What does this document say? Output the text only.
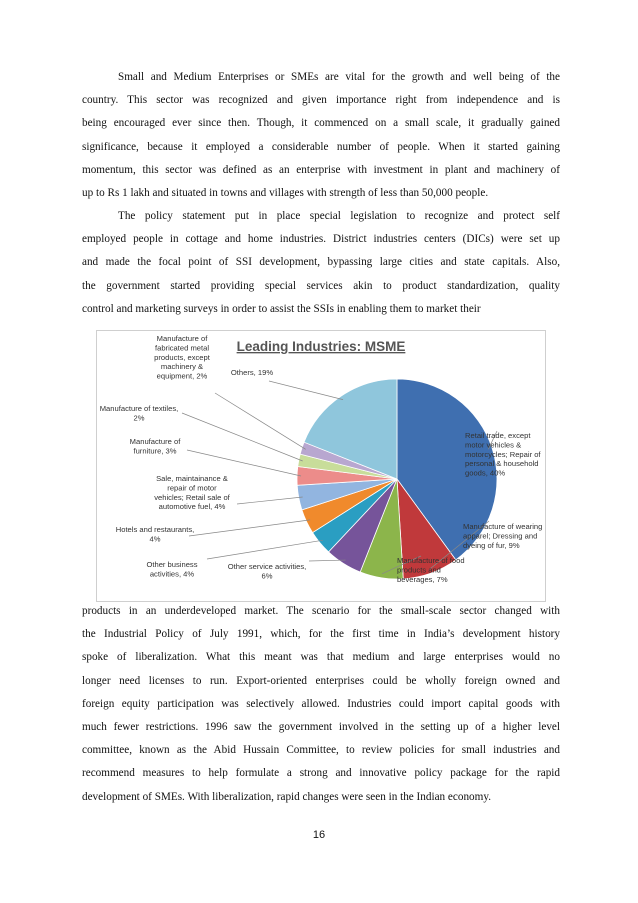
Small and Medium Enterprises or SMEs are vital for the growth and well being of the
country. This sector was recognized and given importance right from independence and is
being encouraged ever since then. Though, it commenced on a small scale, it gradually gained
significance, because it employed a considerable number of people. When it started gaining
momentum, this sector was defined as an enterprise with investment in plant and machinery of
up to Rs 1 lakh and situated in towns and villages with strength of less than 50,000 people.
The policy statement put in place special legislation to recognize and protect self
employed people in cottage and home industries. District industries centers (DICs) were set up
and made the focal point of SSI development, bypassing large cities and state capitals. Also,
the government started providing special services akin to product standardization, quality
control and marketing surveys in order to assist the SSIs in enabling them to market their
Leading Industries: MSME
Retail trade, except motor vehicles & motorcycles; Repair of personal & household goods, 40%
Manufacture of wearing apparel; Dressing and dyeing of fur, 9%
Manufacture of food products and beverages, 7%
Other service activities, 6%
Other business activities, 4%
Hotels and restaurants, 4%
Sale, maintainance & repair of motor vehicles; Retail sale of automotive fuel, 4%
Manufacture of furniture, 3%
Manufacture of textiles, 2%
Manufacture of fabricated metal products, except machinery & equipment, 2%	Others, 19%
products in an underdeveloped market. The scenario for the small-scale sector changed with
the Industrial Policy of July 1991, which, for the first time in India’s development history
spoke of liberalization. What this meant was that medium and large enterprises would no
longer need licenses to run. Export-oriented enterprises could be wholly foreign owned and
foreign equity participation was selectively allowed. Industries could import capital goods with
much fewer restrictions. 1996 saw the government involved in the setting up of a higher level
committee, known as the Abid Hussain Committee, to review policies for small industries and
recommend measures to help formulate a strong and innovative policy package for the rapid
development of SMEs. With liberalization, rapid changes were seen in the Indian economy.
16
